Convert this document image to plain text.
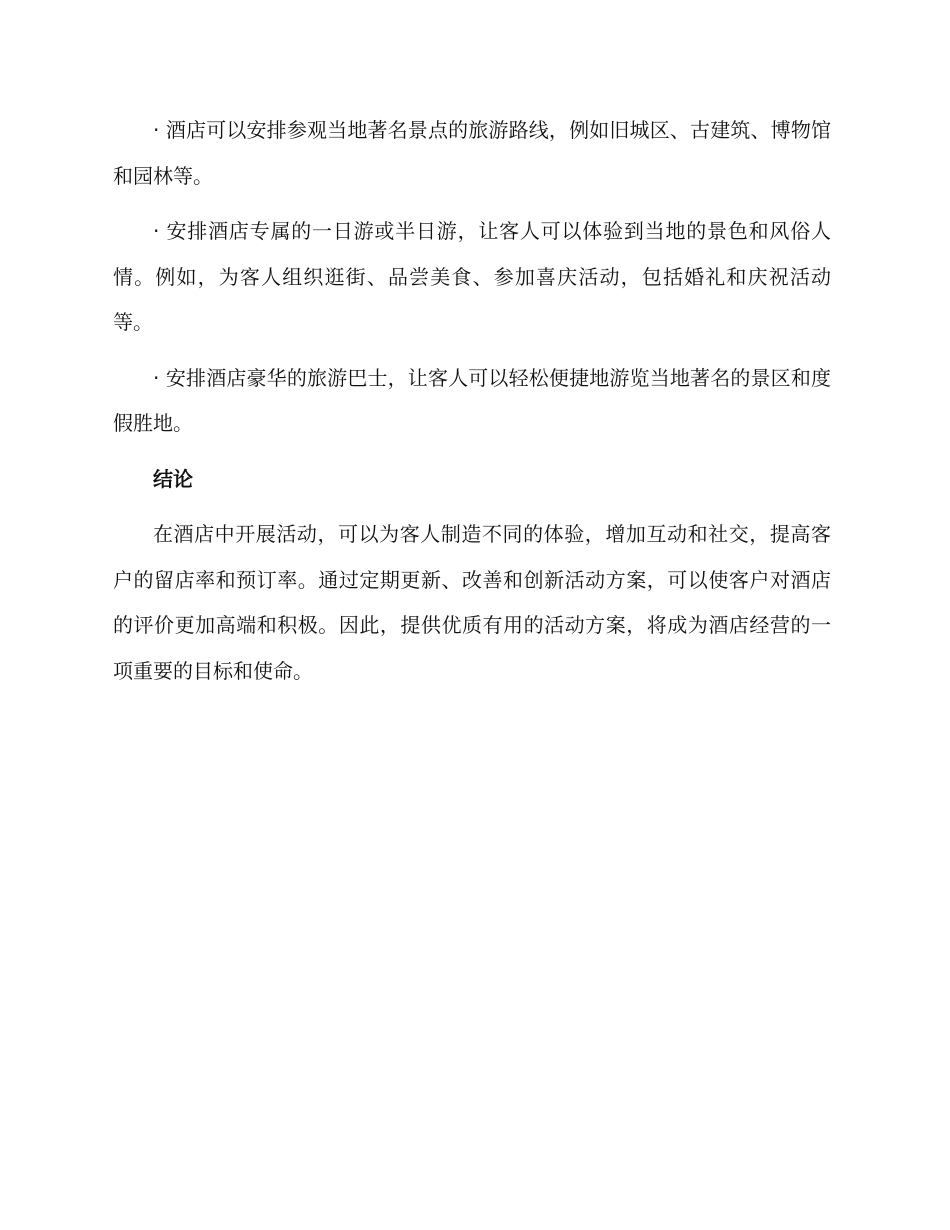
· 酒店可以安排参观当地著名景点的旅游路线，例如旧城区、古建筑、博物馆和园林等。

· 安排酒店专属的一日游或半日游，让客人可以体验到当地的景色和风俗人情。例如，为客人组织逛街、品尝美食、参加喜庆活动，包括婚礼和庆祝活动等。

· 安排酒店豪华的旅游巴士，让客人可以轻松便捷地游览当地著名的景区和度假胜地。

结论

在酒店中开展活动，可以为客人制造不同的体验，增加互动和社交，提高客户的留店率和预订率。通过定期更新、改善和创新活动方案，可以使客户对酒店的评价更加高端和积极。因此，提供优质有用的活动方案，将成为酒店经营的一项重要的目标和使命。
